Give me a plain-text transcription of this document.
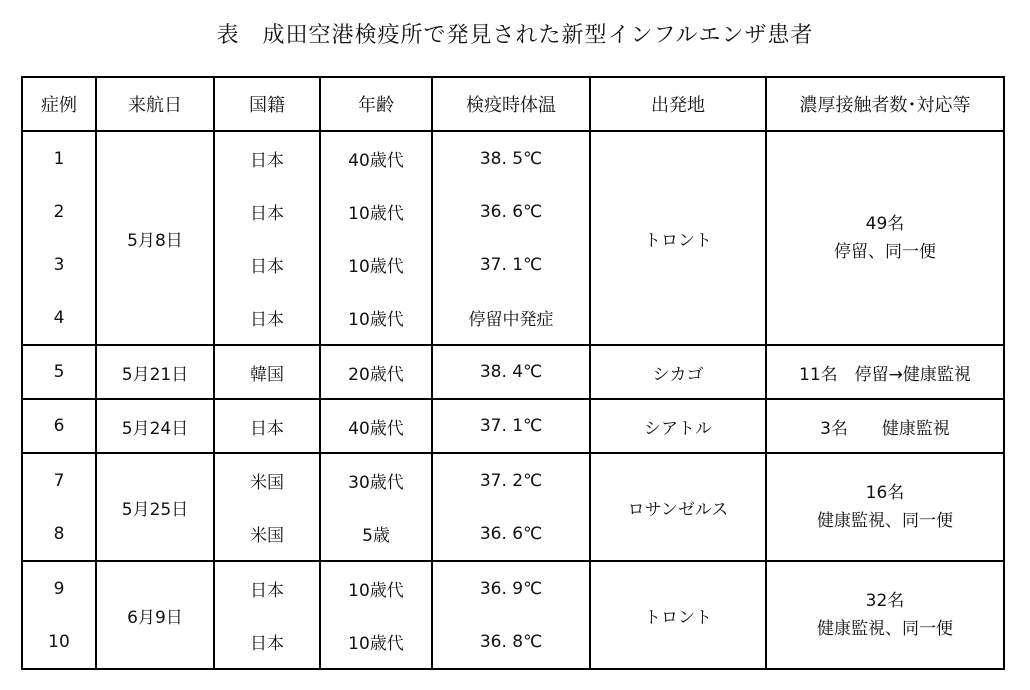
表　成田空港検疫所で発見された新型インフルエンザ患者
症例	来航日	国籍	年齢	検疫時体温	出発地	濃厚接触者数･対応等
1	5月8日	日本	40歳代	38. 5℃	トロント	49名
停留、同一便

2		日本	10歳代	36. 6℃		
3		日本	10歳代	37. 1℃		
4		日本	10歳代	停留中発症		
5	5月21日	韓国	20歳代	38. 4℃	シカゴ	11名　停留→健康監視
6	5月24日	日本	40歳代	37. 1℃	シアトル	3名　　健康監視
7	5月25日	米国	30歳代	37. 2℃	ロサンゼルス	16名
健康監視、同一便

8		米国	5歳	36. 6℃		
9	6月9日	日本	10歳代	36. 9℃	トロント	32名
健康監視、同一便

10		日本	10歳代	36. 8℃		
